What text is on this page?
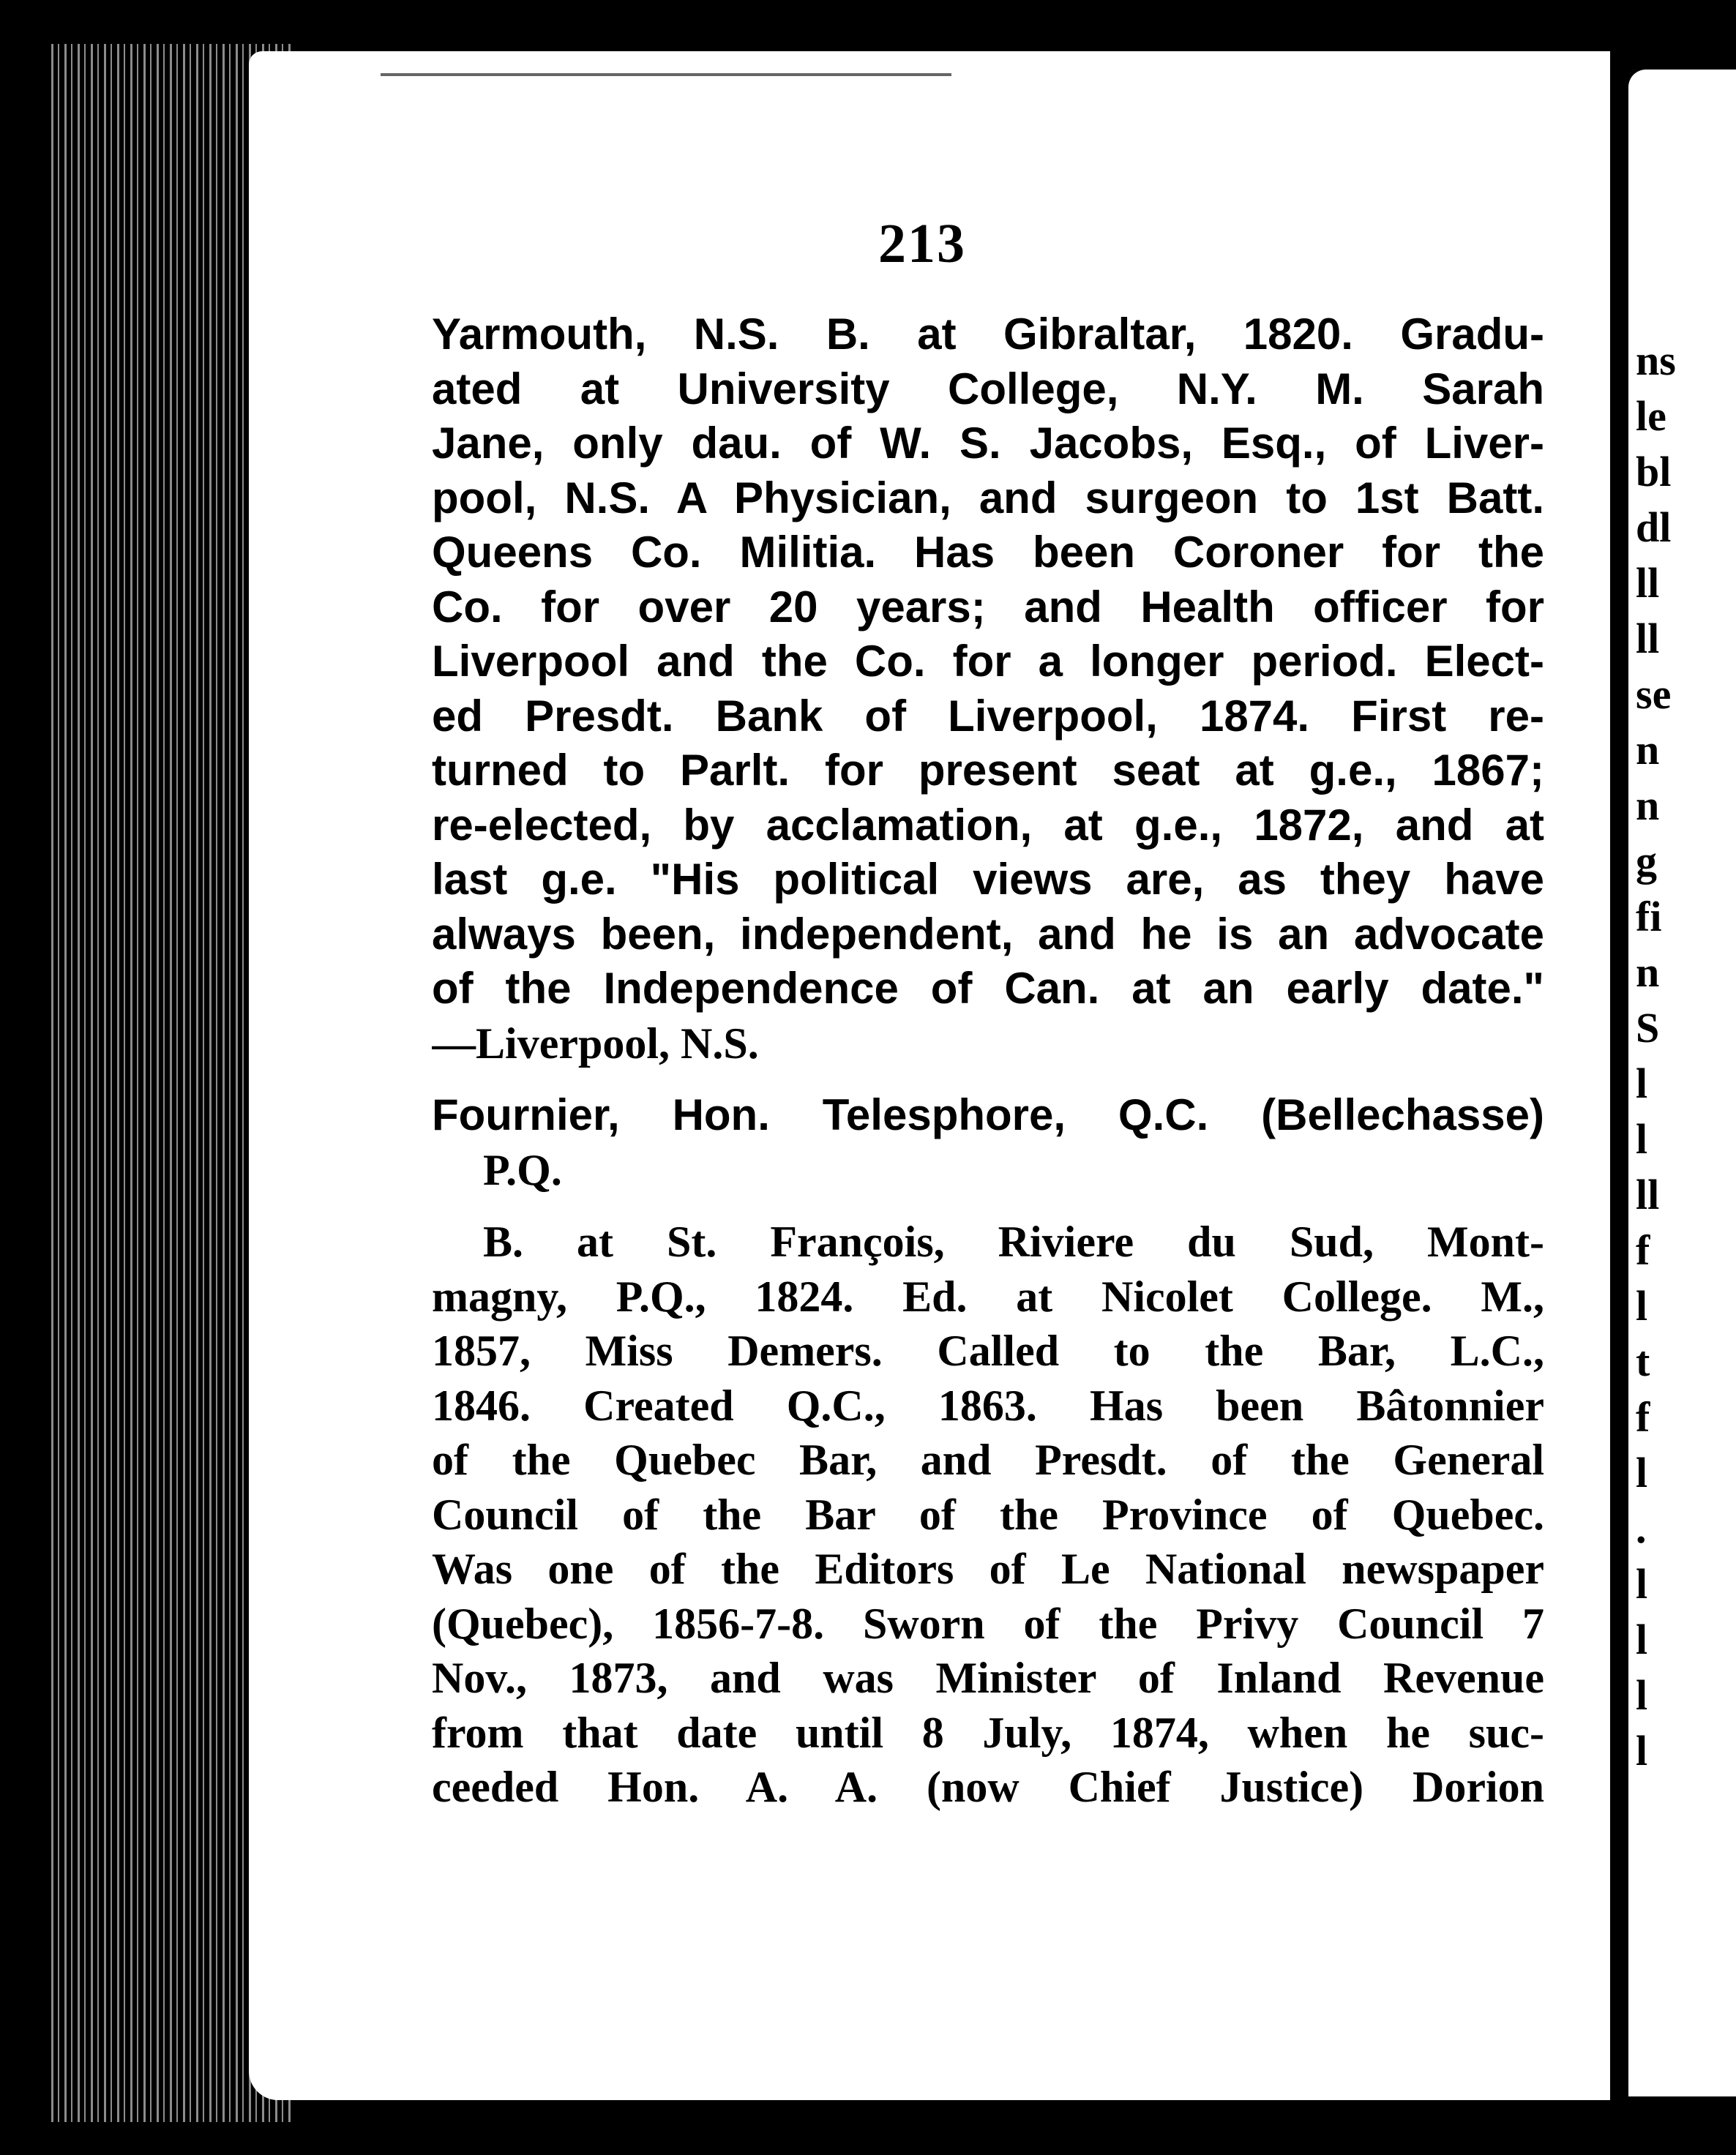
213
Yarmouth, N.S. B. at Gibraltar, 1820. Gradu-
ated at University College, N.Y. M. Sarah
Jane, only dau. of W. S. Jacobs, Esq., of Liver-
pool, N.S. A Physician, and surgeon to 1st Batt.
Queens Co. Militia. Has been Coroner for the
Co. for over 20 years; and Health officer for
Liverpool and the Co. for a longer period. Elect-
ed Presdt. Bank of Liverpool, 1874. First re-
turned to Parlt. for present seat at g.e., 1867;
re-elected, by acclamation, at g.e., 1872, and at
last g.e. "His political views are, as they have
always been, independent, and he is an advocate
of the Independence of Can. at an early date."
—Liverpool, N.S.
Fournier, Hon. Telesphore, Q.C. (Bellechasse)
P.Q.
B. at St. François, Riviere du Sud, Mont-
magny, P.Q., 1824. Ed. at Nicolet College. M.,
1857, Miss Demers. Called to the Bar, L.C.,
1846. Created Q.C., 1863. Has been Bâtonnier
of the Quebec Bar, and Presdt. of the General
Council of the Bar of the Province of Quebec.
Was one of the Editors of Le National newspaper
(Quebec), 1856-7-8. Sworn of the Privy Council 7
Nov., 1873, and was Minister of Inland Revenue
from that date until 8 July, 1874, when he suc-
ceeded Hon. A. A. (now Chief Justice) Dorion
ns
le
bl
dl
ll
ll
se
n
n
g
fi
n
S
l
l
ll
f
l
t
f
l
.
l
l
l
l
